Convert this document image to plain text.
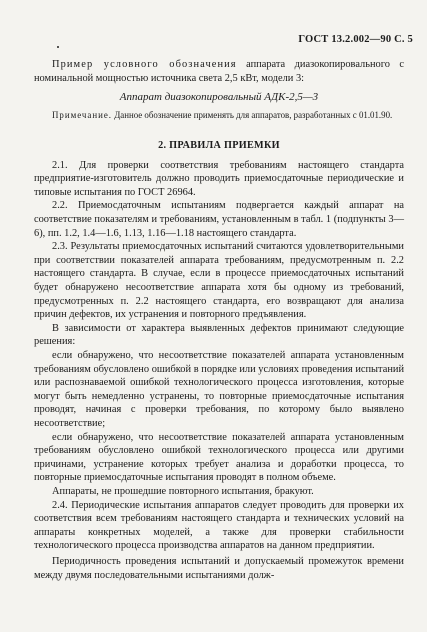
ГОСТ 13.2.002—90 С. 5

Пример условного обозначения аппарата диазокопировального с номинальной мощностью источника света 2,5 кВт, модели 3:

Аппарат диазокопировальный АДК-2,5—3

Примечание. Данное обозначение применять для аппаратов, разработанных с 01.01.90.

2. ПРАВИЛА ПРИЕМКИ

2.1. Для проверки соответствия требованиям настоящего стандарта предприятие-изготовитель должно проводить приемосдаточные периодические и типовые испытания по ГОСТ 26964.

2.2. Приемосдаточным испытаниям подвергается каждый аппарат на соответствие показателям и требованиям, установленным в табл. 1 (подпункты 3—6), пп. 1.2, 1.4—1.6, 1.13, 1.16—1.18 настоящего стандарта.

2.3. Результаты приемосдаточных испытаний считаются удовлетворительными при соответствии показателей аппарата требованиям, предусмотренным п. 2.2 настоящего стандарта. В случае, если в процессе приемосдаточных испытаний будет обнаружено несоответствие аппарата хотя бы одному из требований, предусмотренных п. 2.2 настоящего стандарта, его возвращают для анализа причин дефектов, их устранения и повторного предъявления.

В зависимости от характера выявленных дефектов принимают следующие решения:

если обнаружено, что несоответствие показателей аппарата установленным требованиям обусловлено ошибкой в порядке или условиях проведения испытаний или распознаваемой ошибкой технологического процесса изготовления, которые могут быть немедленно устранены, то повторные приемосдаточные испытания проводят, начиная с проверки требования, по которому было выявлено несоответствие;

если обнаружено, что несоответствие показателей аппарата установленным требованиям обусловлено ошибкой технологического процесса или другими причинами, устранение которых требует анализа и доработки процесса, то повторные приемосдаточные испытания проводят в полном объеме.

Аппараты, не прошедшие повторного испытания, бракуют.

2.4. Периодические испытания аппаратов следует проводить для проверки их соответствия всем требованиям настоящего стандарта и технических условий на аппараты конкретных моделей, а также для проверки стабильности технологического процесса производства аппаратов на данном предприятии.

Периодичность проведения испытаний и допускаемый промежуток времени между двумя последовательными испытаниями долж-
